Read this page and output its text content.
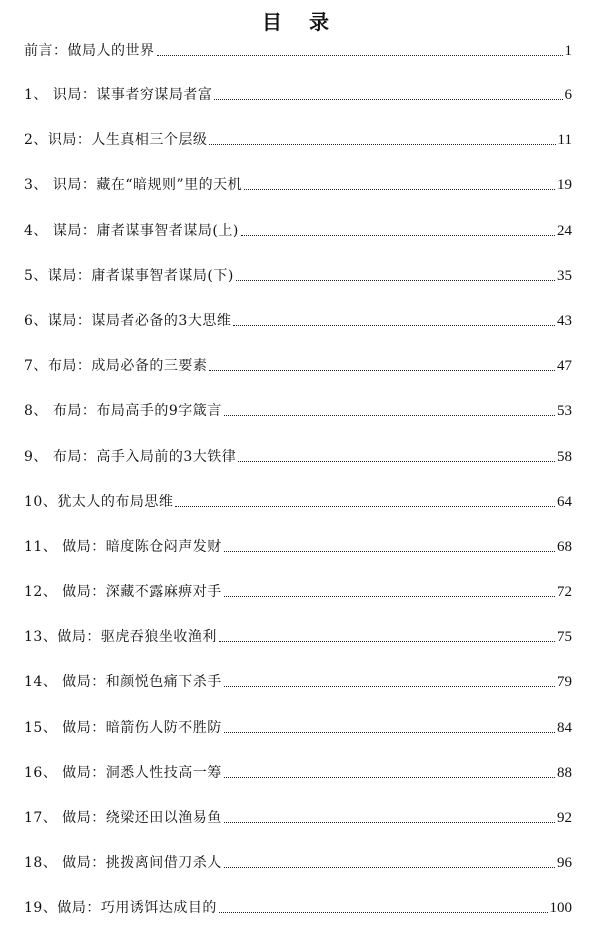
目 录
前言：做局人的世界	1
1、 识局：谋事者穷谋局者富	6
2、识局：人生真相三个层级	11
3、 识局：藏在“暗规则”里的天机	19
4、 谋局：庸者谋事智者谋局(上)	24
5、谋局：庸者谋事智者谋局(下)	35
6、谋局：谋局者必备的3大思维	43
7、布局：成局必备的三要素	47
8、 布局：布局高手的9字箴言	53
9、 布局：高手入局前的3大铁律	58
10、犹太人的布局思维	64
11、 做局：暗度陈仓闷声发财	68
12、 做局：深藏不露麻痹对手	72
13、做局：驱虎吞狼坐收渔利	75
14、 做局：和颜悦色痛下杀手	79
15、 做局：暗箭伤人防不胜防	84
16、 做局：洞悉人性技高一筹	88
17、 做局：绕梁还田以渔易鱼	92
18、 做局：挑拨离间借刀杀人	96
19、做局：巧用诱饵达成目的	100
